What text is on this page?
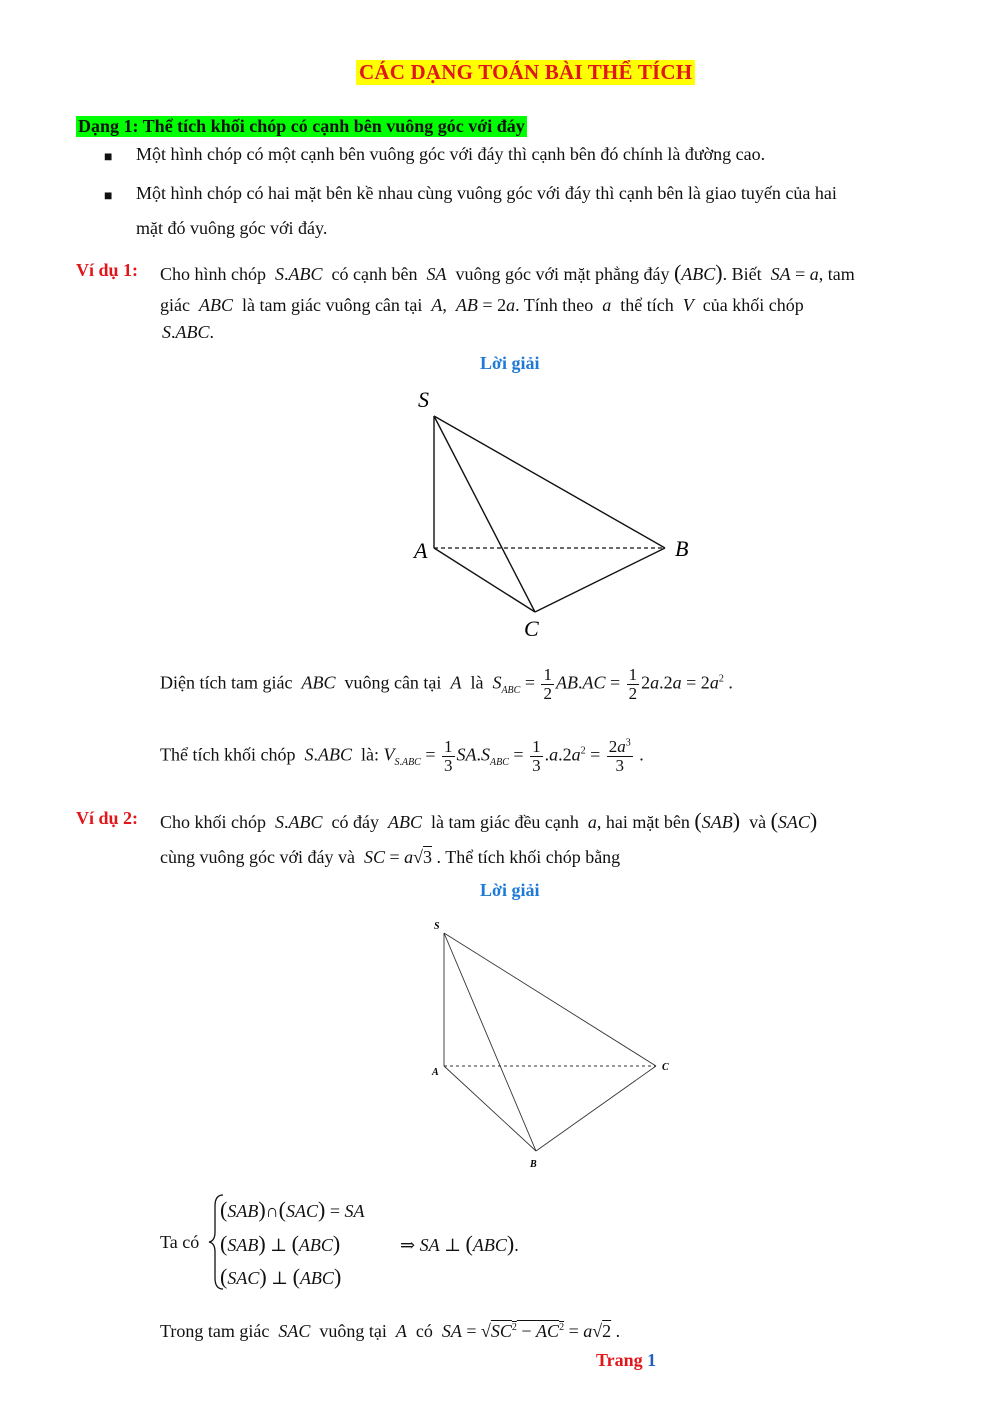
CÁC DẠNG TOÁN BÀI THỂ TÍCH
Dạng 1: Thể tích khối chóp có cạnh bên vuông góc với đáy
■ Một hình chóp có một cạnh bên vuông góc với đáy thì cạnh bên đó chính là đường cao.
■ Một hình chóp có hai mặt bên kề nhau cùng vuông góc với đáy thì cạnh bên là giao tuyến của hai
mặt đó vuông góc với đáy.
Ví dụ 1: Cho hình chóp S.ABC có cạnh bên SA vuông góc với mặt phẳng đáy (ABC). Biết SA = a, tam
giác ABC là tam giác vuông cân tại A,  AB = 2a. Tính theo a thể tích V của khối chóp
S.ABC.
Lời giải
S
A	B
C
Diện tích tam giác ABC vuông cân tại A là $S_{ABC} = \frac{1}{2} AB.AC = \frac{1}{2} 2a.2a = 2a^2$ .
Thể tích khối chóp S.ABC là: $V_{S.ABC} = \frac{1}{3} SA.S_{ABC} = \frac{1}{3} .a.2a^2 = \frac{2a^3}{3}$ .
Ví dụ 2: Cho khối chóp S.ABC có đáy ABC là tam giác đều cạnh a, hai mặt bên (SAB) và (SAC)
cùng vuông góc với đáy và SC = a√3 . Thể tích khối chóp bằng
Lời giải
S
A	C
B
Ta có
(SAB)∩(SAC) = SA
(SAB) ⊥ (ABC)
(SAC) ⊥ (ABC)
⇒ SA ⊥ (ABC).
Trong tam giác SAC vuông tại A có SA = $√SC^2 - AC^2 = a√2$ .
Trang 1
